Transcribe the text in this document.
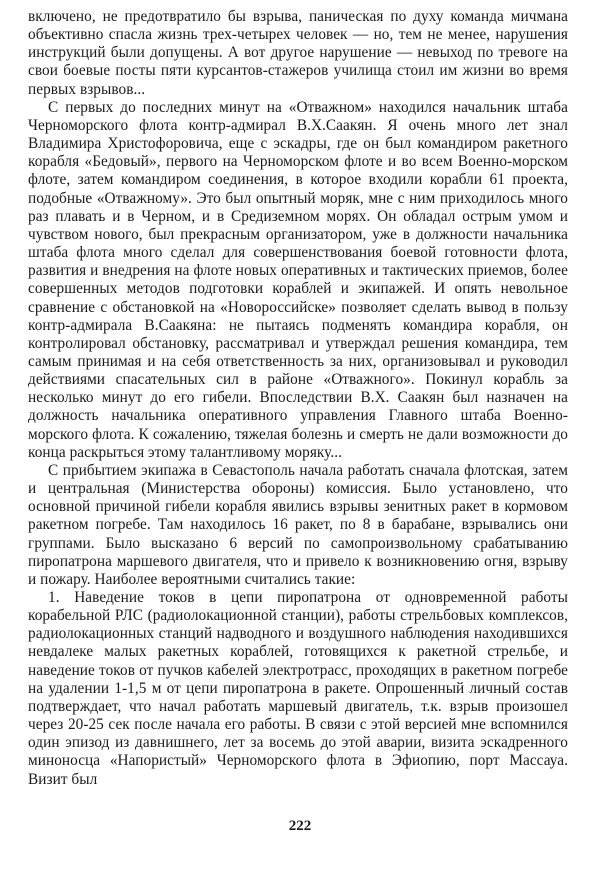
включено, не предотвратило бы взрыва, паническая по духу команда мичмана объективно спасла жизнь трех-четырех человек — но, тем не менее, нарушения инструкций были допущены. А вот другое нарушение — невыход по тревоге на свои боевые посты пяти курсантов-стажеров училища стоил им жизни во время первых взрывов...

С первых до последних минут на «Отважном» находился начальник штаба Черноморского флота контр-адмирал В.Х.Саакян. Я очень много лет знал Владимира Христофоровича, еще с эскадры, где он был командиром ракетного корабля «Бедовый», первого на Черноморском флоте и во всем Военно-морском флоте, затем командиром соединения, в которое входили корабли 61 проекта, подобные «Отважному». Это был опытный моряк, мне с ним приходилось много раз плавать и в Черном, и в Средиземном морях. Он обладал острым умом и чувством нового, был прекрасным организатором, уже в должности начальника штаба флота много сделал для совершенствования боевой готовности флота, развития и внедрения на флоте новых оперативных и тактических приемов, более совершенных методов подготовки кораблей и экипажей. И опять невольное сравнение с обстановкой на «Новороссийске» позволяет сделать вывод в пользу контр-адмирала В.Саакяна: не пытаясь подменять командира корабля, он контролировал обстановку, рассматривал и утверждал решения командира, тем самым принимая и на себя ответственность за них, организовывал и руководил действиями спасательных сил в районе «Отважного». Покинул корабль за несколько минут до его гибели. Впоследствии В.Х. Саакян был назначен на должность начальника оперативного управления Главного штаба Военно-морского флота. К сожалению, тяжелая болезнь и смерть не дали возможности до конца раскрыться этому талантливому моряку...

С прибытием экипажа в Севастополь начала работать сначала флотская, затем и центральная (Министерства обороны) комиссия. Было установлено, что основной причиной гибели корабля явились взрывы зенитных ракет в кормовом ракетном погребе. Там находилось 16 ракет, по 8 в барабане, взрывались они группами. Было высказано 6 версий по самопроизвольному срабатыванию пиропатрона маршевого двигателя, что и привело к возникновению огня, взрыву и пожару. Наиболее вероятными считались такие:

1. Наведение токов в цепи пиропатрона от одновременной работы корабельной РЛС (радиолокационной станции), работы стрельбовых комплексов, радиолокационных станций надводного и воздушного наблюдения находившихся невдалеке малых ракетных кораблей, готовящихся к ракетной стрельбе, и наведение токов от пучков кабелей электротрасс, проходящих в ракетном погребе на удалении 1-1,5 м от цепи пиропатрона в ракете. Опрошенный личный состав подтверждает, что начал работать маршевый двигатель, т.к. взрыв произошел через 20-25 сек после начала его работы. В связи с этой версией мне вспомнился один эпизод из давнишнего, лет за восемь до этой аварии, визита эскадренного миноносца «Напористый» Черноморского флота в Эфиопию, порт Массауа. Визит был

222
